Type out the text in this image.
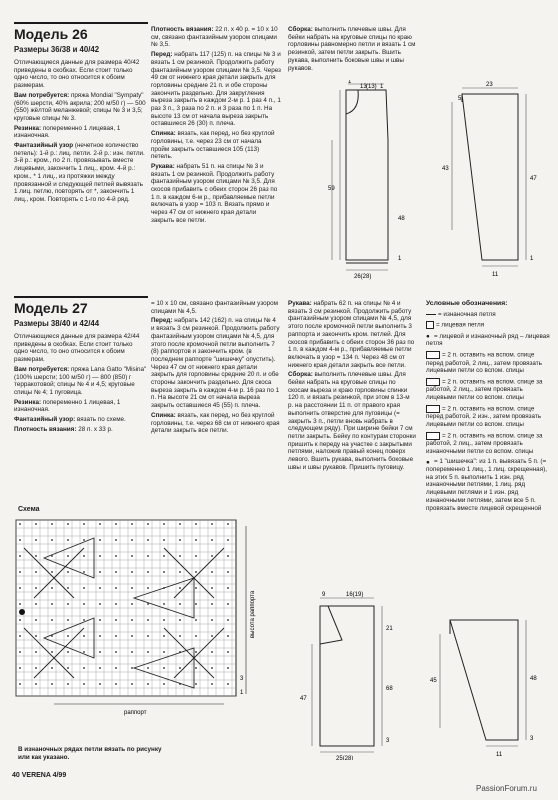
Модель 26
Размеры 36/38 и 40/42

Отличающиеся данные для размера 40/42 приведены в скобках. Если стоит только одно число, то оно относится к обоим размерам.

Вам потребуется: пряжа Mondial "Sympaty" (60% шерсти, 40% акрила; 200 м/50 г) — 500 (550) жёлтой меланжевой; спицы № 3 и 3,5; круговые спицы № 3.

Резинка: попеременно 1 лицевая, 1 изнаночная.

Фантазийный узор (нечетное количество петель): 1-й р.: лиц. петли. 2-й р.: изн. петли. 3-й р.: кром., по 2 п. провязывать вместе лицевыми, закончить 1 лиц., кром. 4-й р.: кром., * 1 лиц., из протяжки между провязанной и следующей петлей вывязать 1 лиц. петлю, повторять от *, закончить 1 лиц., кром. Повторять с 1-го по 4-й ряд.

Плотность вязания: 22 п. х 40 р. = 10 х 10 см, связано фантазийным узором спицами № 3,5.

Перед: набрать 117 (125) п. на спицы № 3 и вязать 1 см резинкой. Продолжить работу фантазийным узором спицами № 3,5. Через 49 см от нижнего края детали закрыть для горловины средние 21 п. и обе стороны закончить раздельно. Для закругления выреза закрыть в каждом 2-м р. 1 раз 4 п., 1 раз 3 п., 3 раза по 2 п. и 3 раза по 1 п. На высоте 13 см от начала выреза закрыть оставшиеся 26 (30) п. плеча.

Спинка: вязать, как перед, но без круглой горловины, т.е. через 23 см от начала пройм закрыть оставшиеся 105 (113) петель.

Рукава: набрать 51 п. на спицы № 3 и вязать 1 см резинкой. Продолжить работу фантазийным узором спицами № 3,5. Для скосов прибавить с обеих сторон 26 раз по 1 п. в каждом 6-м р., прибавляемые петли включать в узор = 103 п. Вязать прямо и через 47 см от нижнего края детали закрыть все петли.

Сборка: выполнить плечевые швы. Для бейки набрать на круговые спицы по краю горловины равномерно петли и вязать 1 см резинкой, затем петли закрыть. Вшить рукава, выполнить боковые швы и швы рукавов.

1
13 (13) 1
59
48
1
26(28)
23
5
43
47
11
1
Модель 27
Размеры 38/40 и 42/44

Отличающиеся данные для размера 42/44 приведены в скобках. Если стоит только одно число, то оно относится к обоим размерам.

Вам потребуется: пряжа Lana Gatto "Misina" (100% шерсти; 100 м/50 г) — 800 (850) г терракотовой; спицы № 4 и 4,5; круговые спицы № 4; 1 пуговица.

Резинка: попеременно 1 лицевая, 1 изнаночная.

Фантазийный узор: вязать по схеме.

Плотность вязания: 28 п. х 33 р.

= 10 х 10 см, связано фантазийным узором спицами № 4,5.

Перед: набрать 142 (162) п. на спицы № 4 и вязать 3 см резинкой. Продолжить работу фантазийным узором спицами № 4,5, для этого после кромочной петли выполнить 7 (8) раппортов и закончить кром. (в последнем раппорте "шишечку" опустить). Через 47 см от нижнего края детали закрыть для горловины средние 20 п. и обе стороны закончить раздельно. Для скоса выреза закрыть в каждом 4-м р. 16 раз по 1 п. На высоте 21 см от начала выреза закрыть оставшиеся 45 (55) п. плеча.

Спинка: вязать, как перед, но без круглой горловины, т.е. через 68 см от нижнего края детали закрыть все петли.

Рукава: набрать 62 п. на спицы № 4 и вязать 3 см резинкой. Продолжить работу фантазийным узором спицами № 4,5, для этого после кромочной петли выполнить 3 раппорта и закончить кром. петлей. Для скосов прибавить с обеих сторон 36 раз по 1 п. в каждом 4-м р., прибавляемые петли включать в узор = 134 п. Через 48 см от нижнего края детали закрыть все петли.

Сборка: выполнить плечевые швы. Для бейки набрать на круговые спицы по скосам выреза и краю горловины спинки 120 п. и вязать резинкой, при этом в 13-м р. на расстоянии 11 п. от правого края выполнить отверстие для пуговицы (= закрыть 3 п., петли вновь набрать в следующем ряду). При ширине бейки 7 см петли закрыть. Бейку по контурам сторонки пришить к переду на участке с закрытыми петлями, наложив правый конец поверх левого. Вшить рукава, выполнить боковые швы и швы рукавов. Пришить пуговицу.

Условные обозначения:
= изнаночная петля
= лицевая петля
● = лицевой и изнаночный ряд – лицевая петля
= 2 п. оставить на вспом. спице перед работой, 2 лиц., затем провязать лицевыми петли со вспом. спицы
= 2 п. оставить на вспом. спице за работой, 2 лиц., затем провязать лицевыми петли со вспом. спицы
= 2 п. оставить на вспом. спице перед работой, 2 изн., затем провязать лицевыми петли со вспом. спицы
= 2 п. оставить на вспом. спице за работой, 2 лиц., затем провязать изнаночными петли со вспом. спицы
● = 1 "шишечка": из 1 п. вывязать 5 п. (= попеременно 1 лиц., 1 лиц. скрещенная), на этих 5 п. выполнить 1 изн. ряд изнаночными петлями, 1 лиц. ряд лицевыми петлями и 1 изн. ряд изнаночными петлями, затем все 5 п. провязать вместе лицевой скрещенной
Схема
высота раппорта
раппорт
3
1
В изнаночных рядах петли вязать по рисунку или как указано.
9	16(19)
21
47
68
3
25(28)
3
45	48
11
40 VERENA 4/99
PassionForum.ru
